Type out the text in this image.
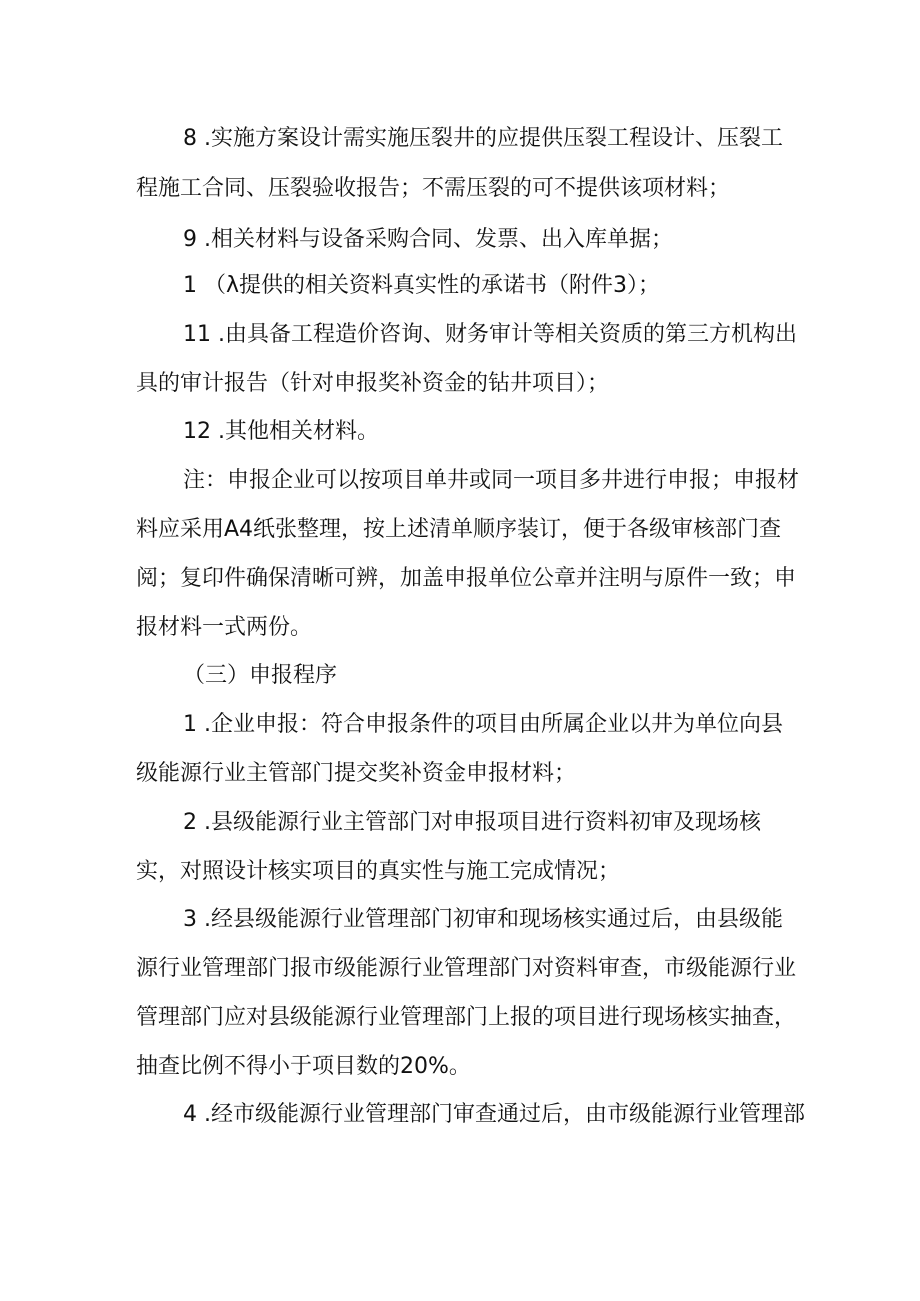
8 .实施方案设计需实施压裂井的应提供压裂工程设计、压裂工

程施工合同、压裂验收报告；不需压裂的可不提供该项材料；

9 .相关材料与设备采购合同、发票、出入库单据；

1 （λ提供的相关资料真实性的承诺书（附件3）；

11 .由具备工程造价咨询、财务审计等相关资质的第三方机构出

具的审计报告（针对申报奖补资金的钻井项目）；

12 .其他相关材料。

注：申报企业可以按项目单井或同一项目多井进行申报；申报材

料应采用A4纸张整理，按上述清单顺序装订，便于各级审核部门查

阅；复印件确保清晰可辨，加盖申报单位公章并注明与原件一致；申

报材料一式两份。

（三）申报程序

1 .企业申报：符合申报条件的项目由所属企业以井为单位向县

级能源行业主管部门提交奖补资金申报材料；

2 .县级能源行业主管部门对申报项目进行资料初审及现场核

实，对照设计核实项目的真实性与施工完成情况；

3 .经县级能源行业管理部门初审和现场核实通过后，由县级能

源行业管理部门报市级能源行业管理部门对资料审查，市级能源行业

管理部门应对县级能源行业管理部门上报的项目进行现场核实抽查，

抽查比例不得小于项目数的20%。

4 .经市级能源行业管理部门审查通过后，由市级能源行业管理部
